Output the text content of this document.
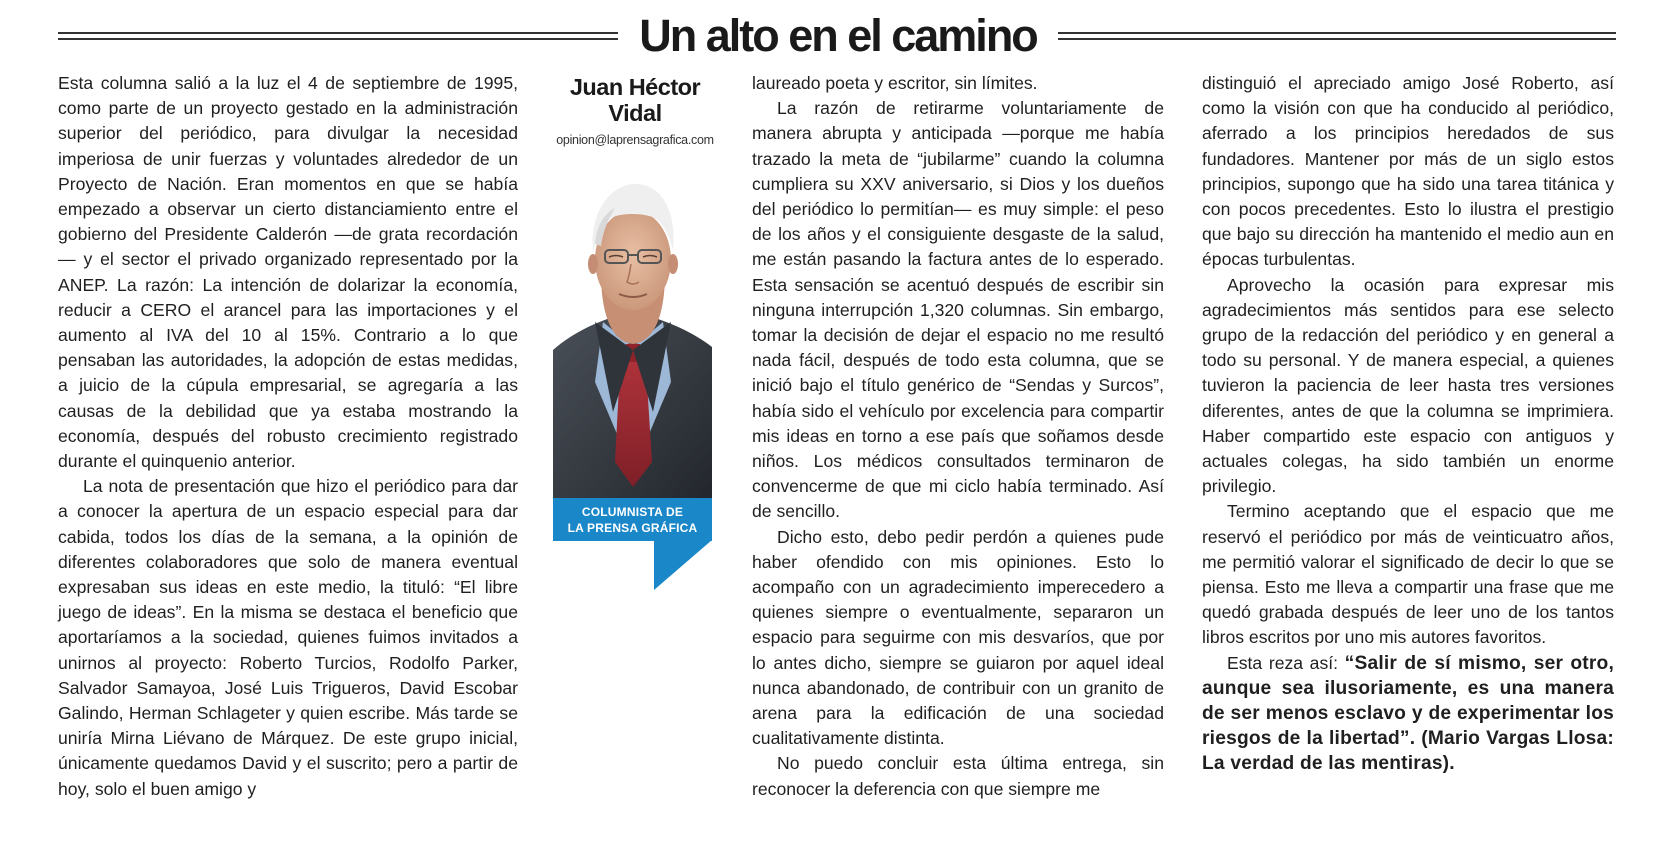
Un alto en el camino

Esta columna salió a la luz el 4 de septiembre de 1995, como parte de un proyecto gestado en la administración superior del periódico, para divulgar la necesidad imperiosa de unir fuerzas y voluntades alrededor de un Proyecto de Nación. Eran momentos en que se había empezado a observar un cierto distanciamiento entre el gobierno del Presidente Calderón —de grata recordación— y el sector el privado organizado representado por la ANEP. La razón: La intención de dolarizar la economía, reducir a CERO el arancel para las importaciones y el aumento al IVA del 10 al 15%. Contrario a lo que pensaban las autoridades, la adopción de estas medidas, a juicio de la cúpula empresarial, se agregaría a las causas de la debilidad que ya estaba mostrando la economía, después del robusto crecimiento registrado durante el quinquenio anterior.

La nota de presentación que hizo el periódico para dar a conocer la apertura de un espacio especial para dar cabida, todos los días de la semana, a la opinión de diferentes colaboradores que solo de manera eventual expresaban sus ideas en este medio, la tituló: “El libre juego de ideas”. En la misma se destaca el beneficio que aportaríamos a la sociedad, quienes fuimos invitados a unirnos al proyecto: Roberto Turcios, Rodolfo Parker, Salvador Samayoa, José Luis Trigueros, David Escobar Galindo, Herman Schlageter y quien escribe. Más tarde se uniría Mirna Liévano de Márquez. De este grupo inicial, únicamente quedamos David y el suscrito; pero a partir de hoy, solo el buen amigo y

Juan Héctor
Vidal
opinion@laprensagrafica.com
COLUMNISTA DE
LA PRENSA GRÁFICA

laureado poeta y escritor, sin límites.

La razón de retirarme voluntariamente de manera abrupta y anticipada —porque me había trazado la meta de “jubilarme” cuando la columna cumpliera su XXV aniversario, si Dios y los dueños del periódico lo permitían— es muy simple: el peso de los años y el consiguiente desgaste de la salud, me están pasando la factura antes de lo esperado. Esta sensación se acentuó después de escribir sin ninguna interrupción 1,320 columnas. Sin embargo, tomar la decisión de dejar el espacio no me resultó nada fácil, después de todo esta columna, que se inició bajo el título genérico de “Sendas y Surcos”, había sido el vehículo por excelencia para compartir mis ideas en torno a ese país que soñamos desde niños. Los médicos consultados terminaron de convencerme de que mi ciclo había terminado. Así de sencillo.

Dicho esto, debo pedir perdón a quienes pude haber ofendido con mis opiniones. Esto lo acompaño con un agradecimiento imperecedero a quienes siempre o eventualmente, separaron un espacio para seguirme con mis desvaríos, que por lo antes dicho, siempre se guiaron por aquel ideal nunca abandonado, de contribuir con un granito de arena para la edificación de una sociedad cualitativamente distinta.

No puedo concluir esta última entrega, sin reconocer la deferencia con que siempre me

distinguió el apreciado amigo José Roberto, así como la visión con que ha conducido al periódico, aferrado a los principios heredados de sus fundadores. Mantener por más de un siglo estos principios, supongo que ha sido una tarea titánica y con pocos precedentes. Esto lo ilustra el prestigio que bajo su dirección ha mantenido el medio aun en épocas turbulentas.

Aprovecho la ocasión para expresar mis agradecimientos más sentidos para ese selecto grupo de la redacción del periódico y en general a todo su personal. Y de manera especial, a quienes tuvieron la paciencia de leer hasta tres versiones diferentes, antes de que la columna se imprimiera. Haber compartido este espacio con antiguos y actuales colegas, ha sido también un enorme privilegio.

Termino aceptando que el espacio que me reservó el periódico por más de veinticuatro años, me permitió valorar el significado de decir lo que se piensa. Esto me lleva a compartir una frase que me quedó grabada después de leer uno de los tantos libros escritos por uno mis autores favoritos.

Esta reza así: “Salir de sí mismo, ser otro, aunque sea ilusoriamente, es una manera de ser menos esclavo y de experimentar los riesgos de la libertad”. (Mario Vargas Llosa: La verdad de las mentiras).
